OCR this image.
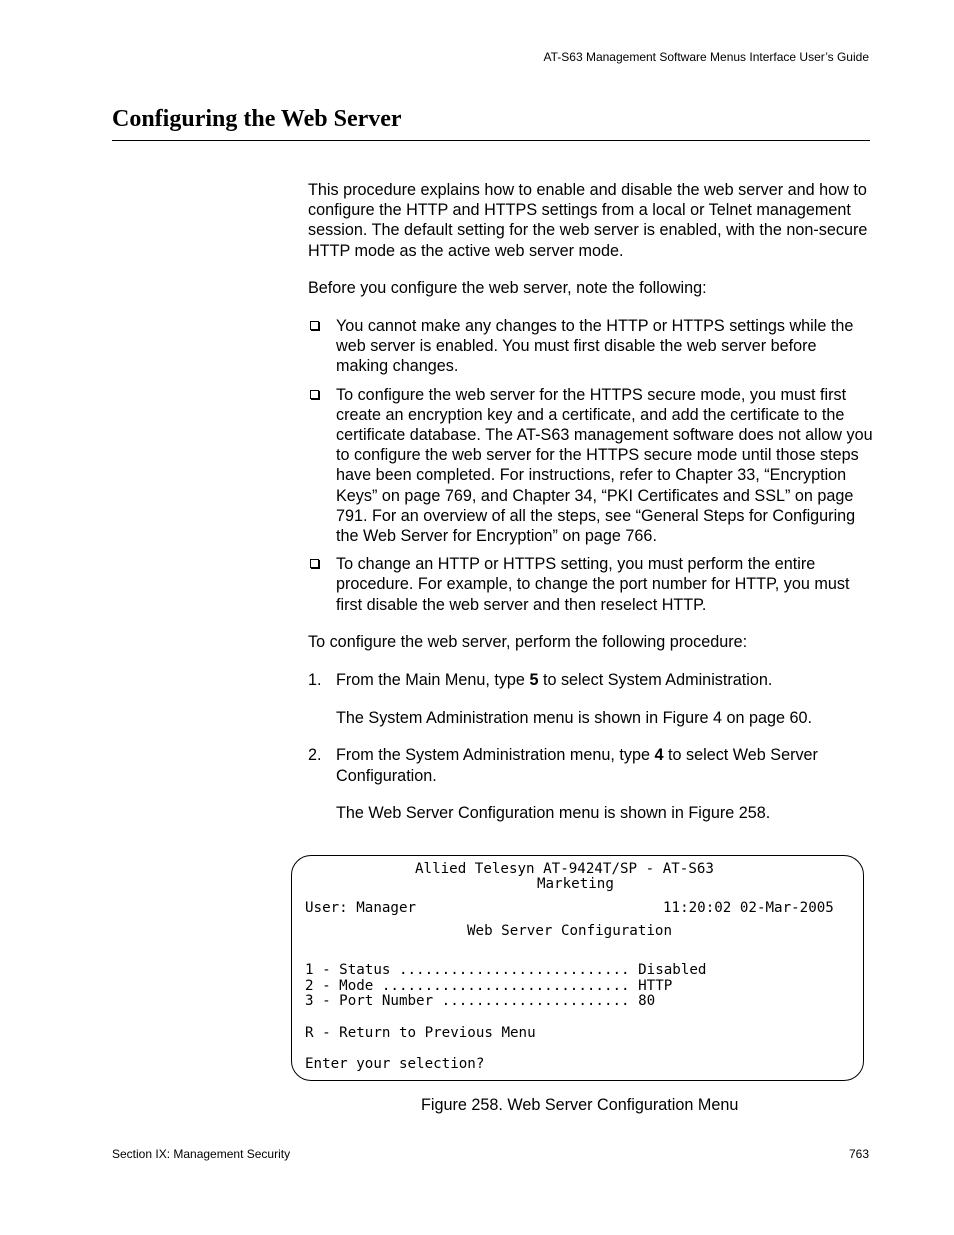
AT-S63 Management Software Menus Interface User’s Guide
Configuring the Web Server

This procedure explains how to enable and disable the web server and how to configure the HTTP and HTTPS settings from a local or Telnet management session. The default setting for the web server is enabled, with the non-secure HTTP mode as the active web server mode.

Before you configure the web server, note the following:

You cannot make any changes to the HTTP or HTTPS settings while the web server is enabled. You must first disable the web server before making changes.

To configure the web server for the HTTPS secure mode, you must first create an encryption key and a certificate, and add the certificate to the certificate database. The AT-S63 management software does not allow you to configure the web server for the HTTPS secure mode until those steps have been completed. For instructions, refer to Chapter 33, “Encryption Keys” on page 769, and Chapter 34, “PKI Certificates and SSL” on page 791. For an overview of all the steps, see “General Steps for Configuring the Web Server for Encryption” on page 766.

To change an HTTP or HTTPS setting, you must perform the entire procedure. For example, to change the port number for HTTP, you must first disable the web server and then reselect HTTP.

To configure the web server, perform the following procedure:

1. From the Main Menu, type 5 to select System Administration.

The System Administration menu is shown in Figure 4 on page 60.

2. From the System Administration menu, type 4 to select Web Server Configuration.

The Web Server Configuration menu is shown in Figure 258.

Allied Telesyn AT-9424T/SP - AT-S63
Marketing
User: Manager	11:20:02 02-Mar-2005
Web Server Configuration
1 - Status ........................... Disabled
2 - Mode ............................. HTTP
3 - Port Number ...................... 80
R - Return to Previous Menu
Enter your selection?
Figure 258. Web Server Configuration Menu
Section IX: Management Security	763
